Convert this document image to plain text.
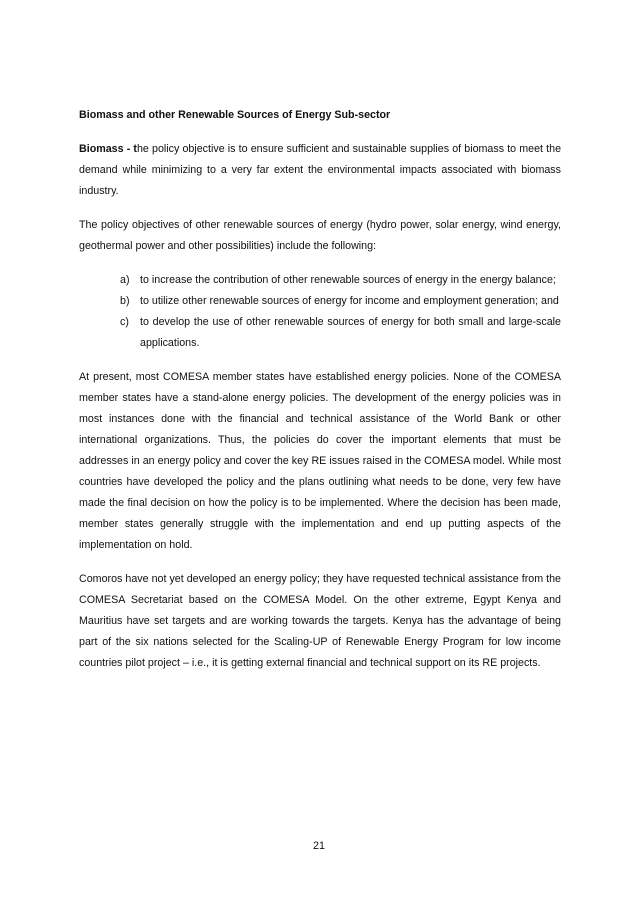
Biomass and other Renewable Sources of Energy Sub-sector

Biomass - the policy objective is to ensure sufficient and sustainable supplies of biomass to meet the demand while minimizing to a very far extent the environmental impacts associated with biomass industry.

The policy objectives of other renewable sources of energy (hydro power, solar energy, wind energy, geothermal power and other possibilities) include the following:

a) to increase the contribution of other renewable sources of energy in the energy balance;
b) to utilize other renewable sources of energy for income and employment generation; and
c) to develop the use of other renewable sources of energy for both small and large-scale applications.

At present, most COMESA member states have established energy policies. None of the COMESA member states have a stand-alone energy policies. The development of the energy policies was in most instances done with the financial and technical assistance of the World Bank or other international organizations. Thus, the policies do cover the important elements that must be addresses in an energy policy and cover the key RE issues raised in the COMESA model. While most countries have developed the policy and the plans outlining what needs to be done, very few have made the final decision on how the policy is to be implemented. Where the decision has been made, member states generally struggle with the implementation and end up putting aspects of the implementation on hold.

Comoros have not yet developed an energy policy; they have requested technical assistance from the COMESA Secretariat based on the COMESA Model. On the other extreme, Egypt Kenya and Mauritius have set targets and are working towards the targets. Kenya has the advantage of being part of the six nations selected for the Scaling-UP of Renewable Energy Program for low income countries pilot project – i.e., it is getting external financial and technical support on its RE projects.

21
